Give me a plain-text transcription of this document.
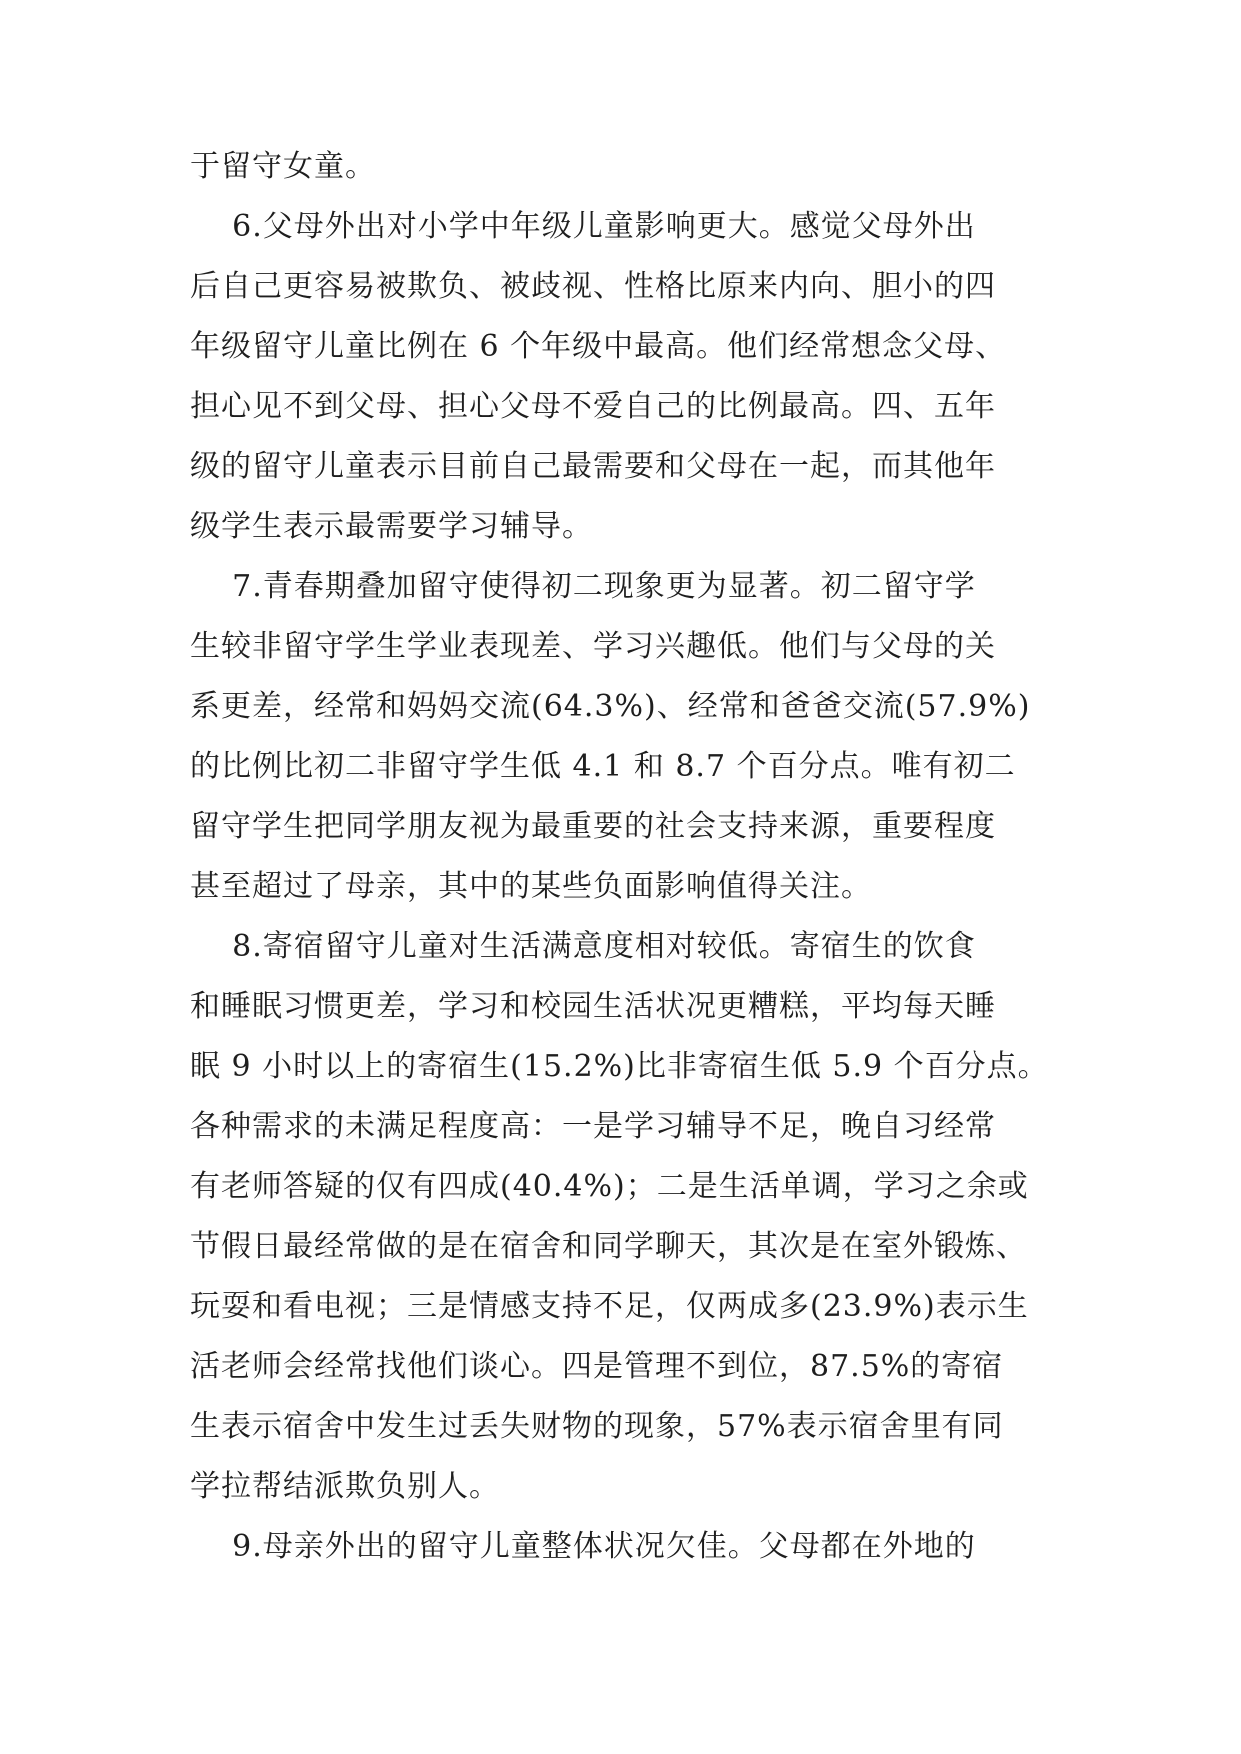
于留守女童。
6.父母外出对小学中年级儿童影响更大。感觉父母外出
后自己更容易被欺负、被歧视、性格比原来内向、胆小的四
年级留守儿童比例在 6 个年级中最高。他们经常想念父母、
担心见不到父母、担心父母不爱自己的比例最高。四、五年
级的留守儿童表示目前自己最需要和父母在一起，而其他年
级学生表示最需要学习辅导。
7.青春期叠加留守使得初二现象更为显著。初二留守学
生较非留守学生学业表现差、学习兴趣低。他们与父母的关
系更差，经常和妈妈交流(64.3%)、经常和爸爸交流(57.9%)
的比例比初二非留守学生低 4.1 和 8.7 个百分点。唯有初二
留守学生把同学朋友视为最重要的社会支持来源，重要程度
甚至超过了母亲，其中的某些负面影响值得关注。
8.寄宿留守儿童对生活满意度相对较低。寄宿生的饮食
和睡眠习惯更差，学习和校园生活状况更糟糕，平均每天睡
眠 9 小时以上的寄宿生(15.2%)比非寄宿生低 5.9 个百分点。
各种需求的未满足程度高：一是学习辅导不足，晚自习经常
有老师答疑的仅有四成(40.4%)；二是生活单调，学习之余或
节假日最经常做的是在宿舍和同学聊天，其次是在室外锻炼、
玩耍和看电视；三是情感支持不足，仅两成多(23.9%)表示生
活老师会经常找他们谈心。四是管理不到位，87.5%的寄宿
生表示宿舍中发生过丢失财物的现象，57%表示宿舍里有同
学拉帮结派欺负别人。
9.母亲外出的留守儿童整体状况欠佳。父母都在外地的
